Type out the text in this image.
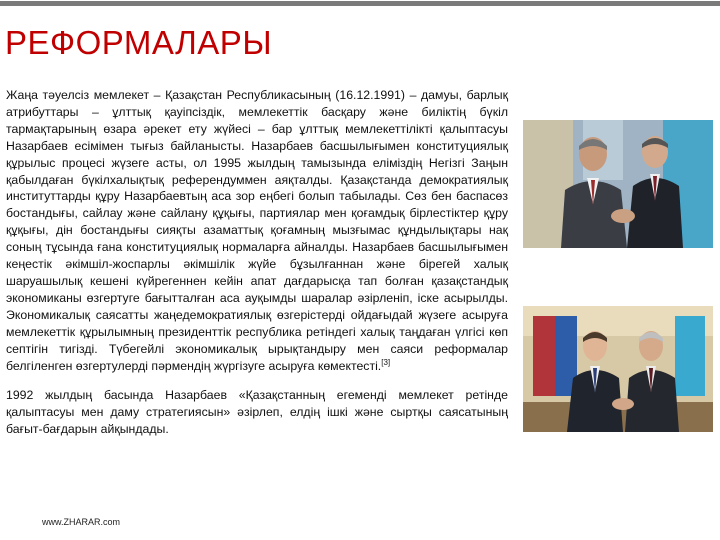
РЕФОРМАЛАРЫ

Жаңа тәуелсіз мемлекет – Қазақстан Республикасының (16.12.1991) – дамуы, барлық атрибуттары – ұлттық қауіпсіздік, мемлекеттік басқару және биліктің бүкіл тармақтарының өзара әрекет ету жүйесі – бар ұлттық мемлекеттілікті қалыптасуы Назарбаев есімімен тығыз байланысты. Назарбаев басшылығымен конституциялық құрылыс процесі жүзеге асты, ол 1995 жылдың тамызында еліміздің Негізгі Заңын қабылдаған бүкілхалықтық референдуммен аяқталды. Қазақстанда демократиялық институттарды құру Назарбаевтың аса зор еңбегі болып табылады. Сөз бен баспасөз бостандығы, сайлау және сайлану құқығы, партиялар мен қоғамдық бірлестіктер құру құқығы, дін бостандығы сияқты азаматтық қоғамның мызғымас құндылықтары нақ соның тұсында ғана конституциялық нормаларға айналды. Назарбаев басшылығымен кеңестік әкімшіл-жоспарлы әкімшілік жүйе бұзылғаннан және бірегей халық шаруашылық кешені күйрегеннен кейін апат дағдарысқа тап болған қазақстандық экономиканы өзгертуге бағытталған аса ауқымды шаралар әзірленіп, іске асырылды. Экономикалық саясатты жаңедемократиялық өзгерістерді ойдағыдай жүзеге асыруға мемлекеттік құрылымның президенттік республика ретіндегі халық таңдаған үлгісі көп септігін тигізді. Түбегейлі экономикалық ырықтандыру мен саяси реформалар белгіленген өзгертулерді пәрмендің жүргізуге асыруға көмектесті.[3]

1992 жылдың басында Назарбаев «Қазақстанның егеменді мемлекет ретінде қалыптасуы мен даму стратегиясын» әзірлеп, елдің ішкі және сыртқы саясатының бағыт-бағдарын айқындады.

www.ZHARAR.com
